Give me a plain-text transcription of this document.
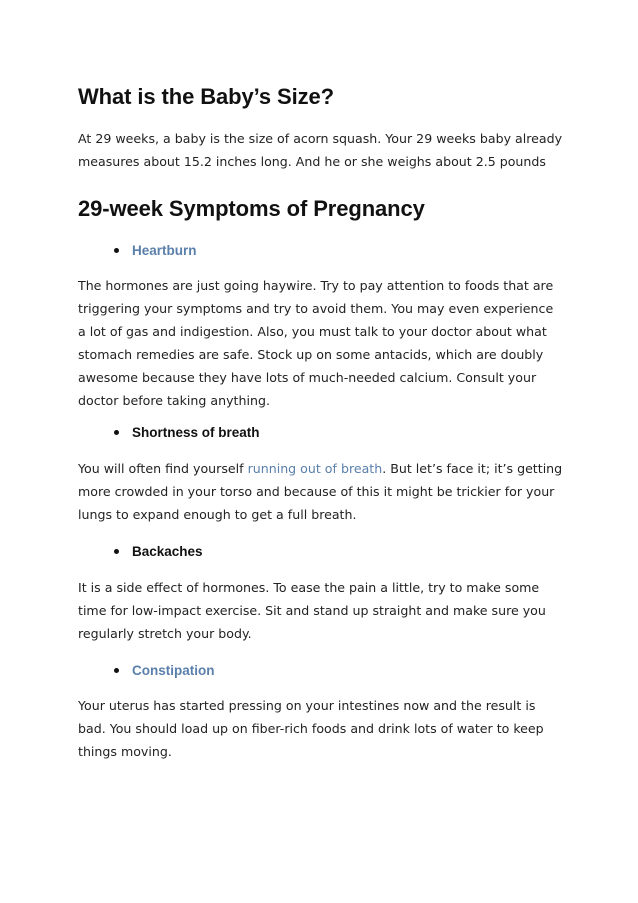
What is the Baby’s Size?

At 29 weeks, a baby is the size of acorn squash. Your 29 weeks baby already
measures about 15.2 inches long. And he or she weighs about 2.5 pounds

29-week Symptoms of Pregnancy
Heartburn

The hormones are just going haywire. Try to pay attention to foods that are
triggering your symptoms and try to avoid them. You may even experience
a lot of gas and indigestion. Also, you must talk to your doctor about what
stomach remedies are safe. Stock up on some antacids, which are doubly
awesome because they have lots of much-needed calcium. Consult your
doctor before taking anything.

Shortness of breath

You will often find yourself running out of breath. But let’s face it; it’s getting
more crowded in your torso and because of this it might be trickier for your
lungs to expand enough to get a full breath.

Backaches

It is a side effect of hormones. To ease the pain a little, try to make some
time for low-impact exercise. Sit and stand up straight and make sure you
regularly stretch your body.

Constipation

Your uterus has started pressing on your intestines now and the result is
bad. You should load up on fiber-rich foods and drink lots of water to keep
things moving.
